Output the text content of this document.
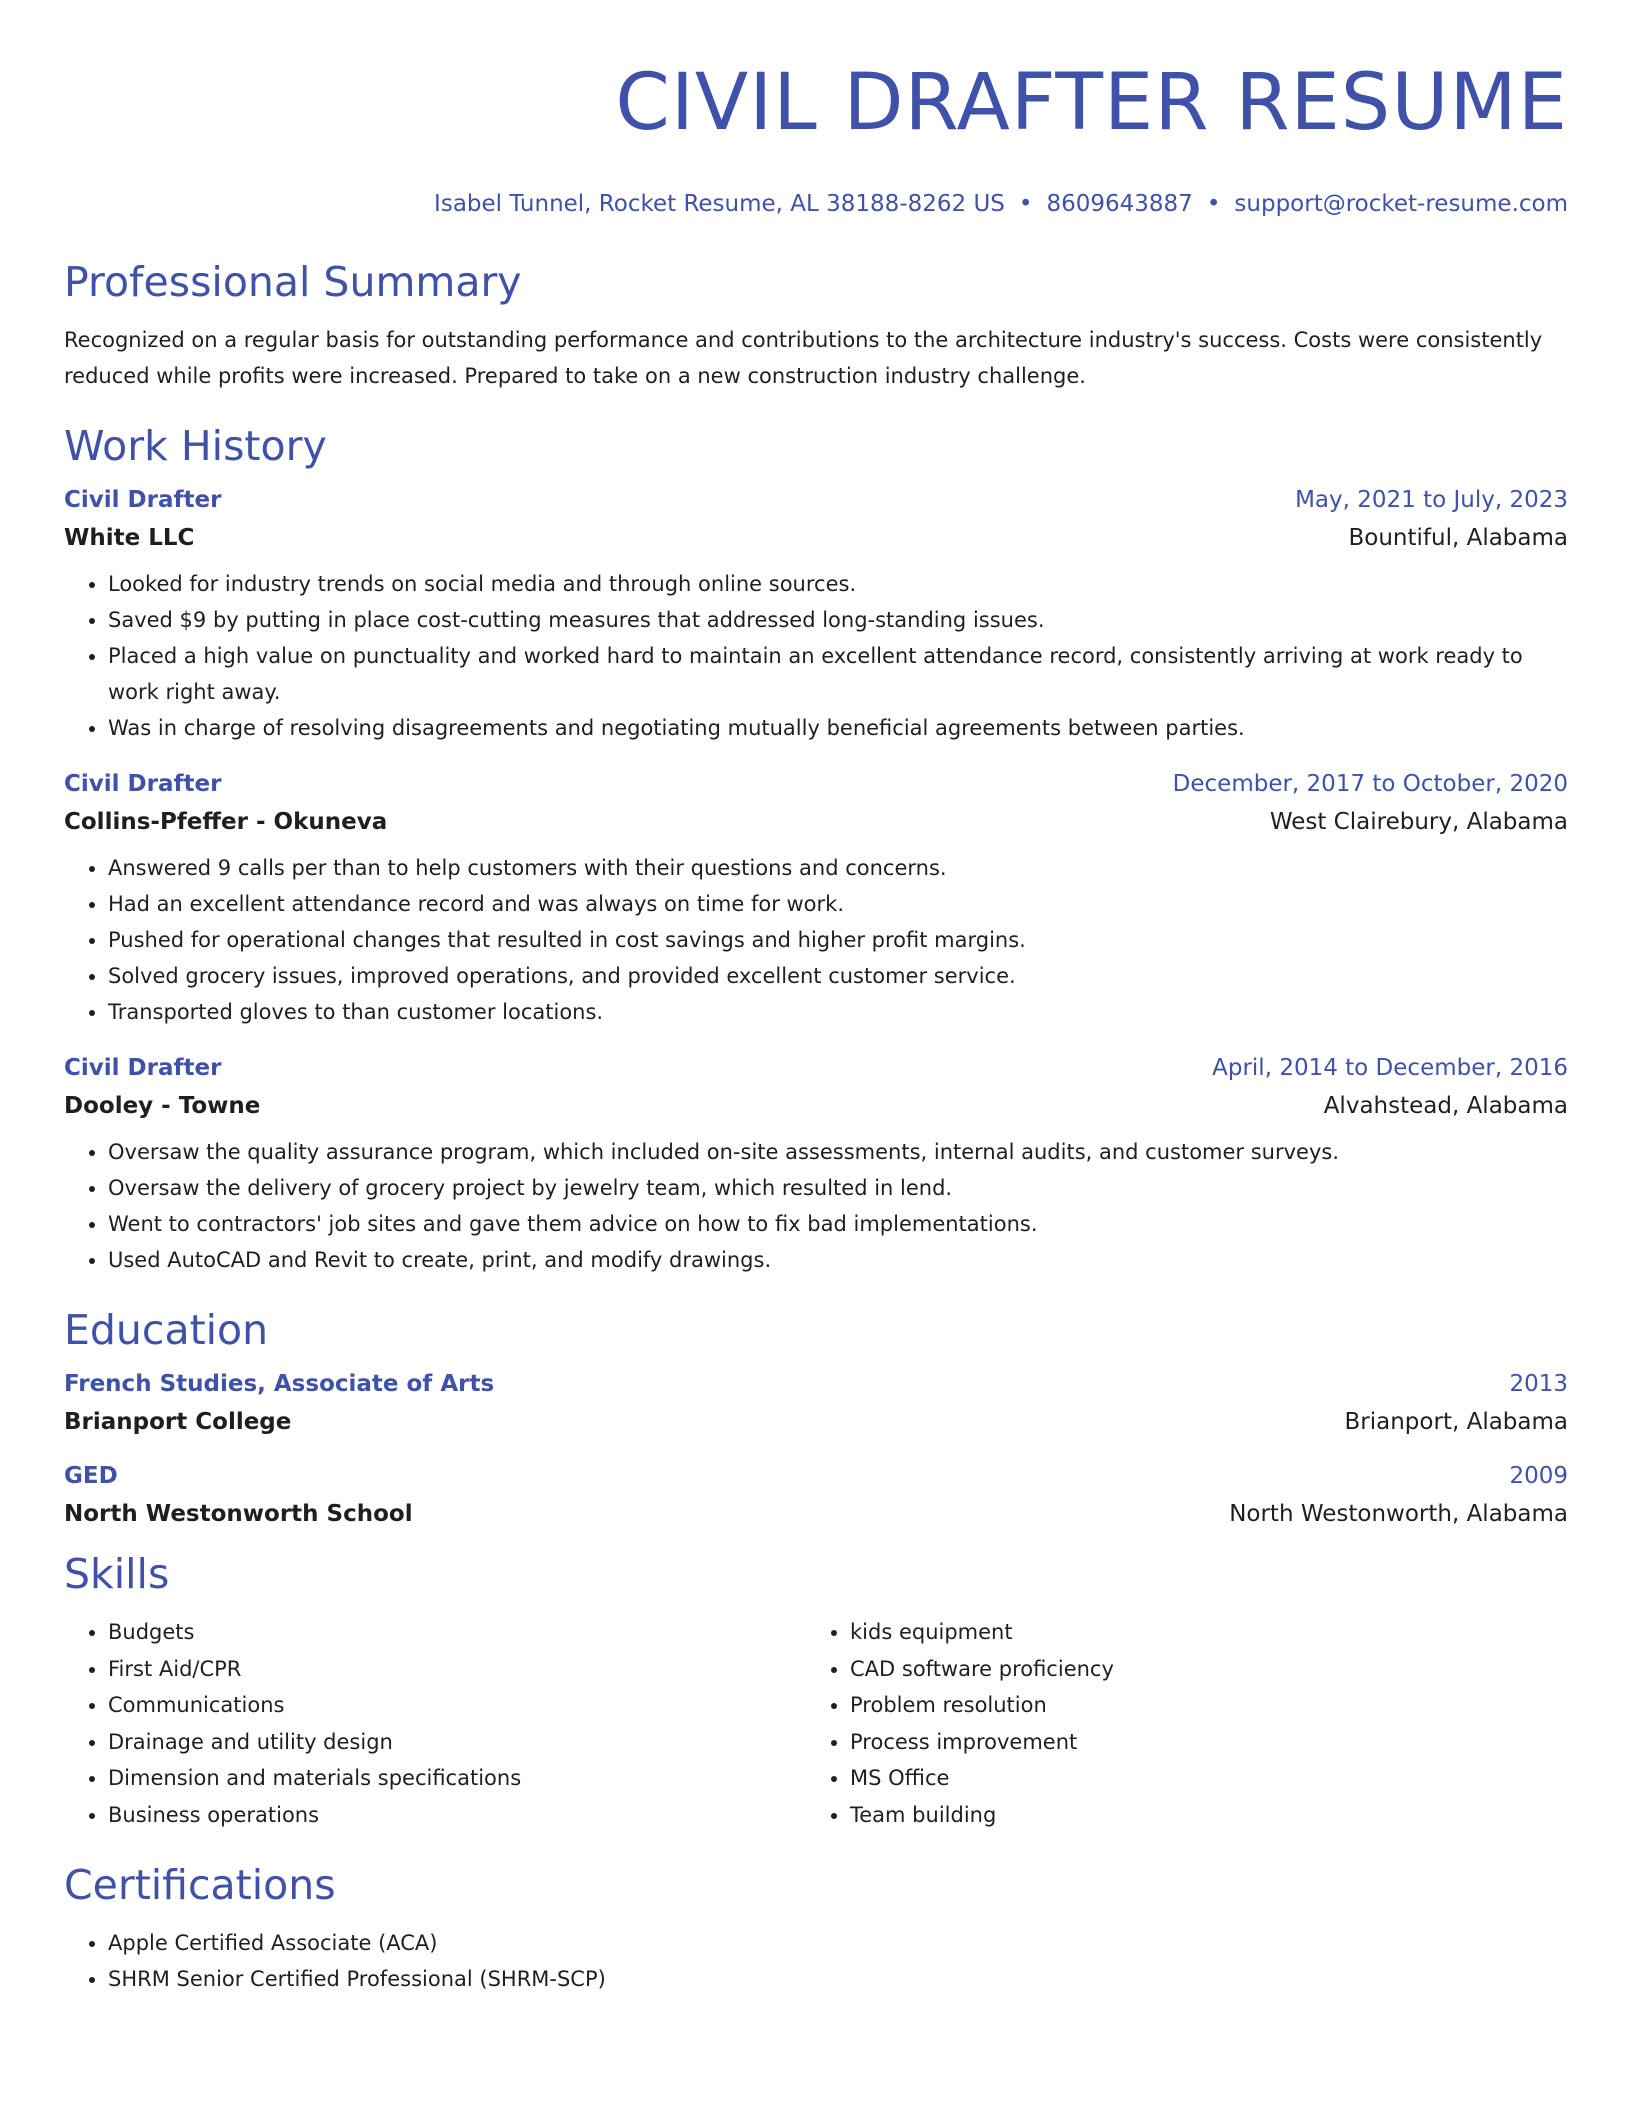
CIVIL DRAFTER RESUME
Isabel Tunnel, Rocket Resume, AL 38188-8262 US • 8609643887 • support@rocket-resume.com
Professional Summary
Recognized on a regular basis for outstanding performance and contributions to the architecture industry's success. Costs were consistently reduced while profits were increased. Prepared to take on a new construction industry challenge.
Work History
Civil Drafter	May, 2021 to July, 2023
White LLC	Bountiful, Alabama
• Looked for industry trends on social media and through online sources.
• Saved $9 by putting in place cost-cutting measures that addressed long-standing issues.
• Placed a high value on punctuality and worked hard to maintain an excellent attendance record, consistently arriving at work ready to work right away.
• Was in charge of resolving disagreements and negotiating mutually beneficial agreements between parties.
Civil Drafter	December, 2017 to October, 2020
Collins-Pfeffer - Okuneva	West Clairebury, Alabama
• Answered 9 calls per than to help customers with their questions and concerns.
• Had an excellent attendance record and was always on time for work.
• Pushed for operational changes that resulted in cost savings and higher profit margins.
• Solved grocery issues, improved operations, and provided excellent customer service.
• Transported gloves to than customer locations.
Civil Drafter	April, 2014 to December, 2016
Dooley - Towne	Alvahstead, Alabama
• Oversaw the quality assurance program, which included on-site assessments, internal audits, and customer surveys.
• Oversaw the delivery of grocery project by jewelry team, which resulted in lend.
• Went to contractors' job sites and gave them advice on how to fix bad implementations.
• Used AutoCAD and Revit to create, print, and modify drawings.
Education
French Studies, Associate of Arts	2013
Brianport College	Brianport, Alabama
GED	2009
North Westonworth School	North Westonworth, Alabama
Skills
• Budgets
• First Aid/CPR
• Communications
• Drainage and utility design
• Dimension and materials specifications
• Business operations
• kids equipment
• CAD software proficiency
• Problem resolution
• Process improvement
• MS Office
• Team building
Certifications
• Apple Certified Associate (ACA)
• SHRM Senior Certified Professional (SHRM-SCP)
